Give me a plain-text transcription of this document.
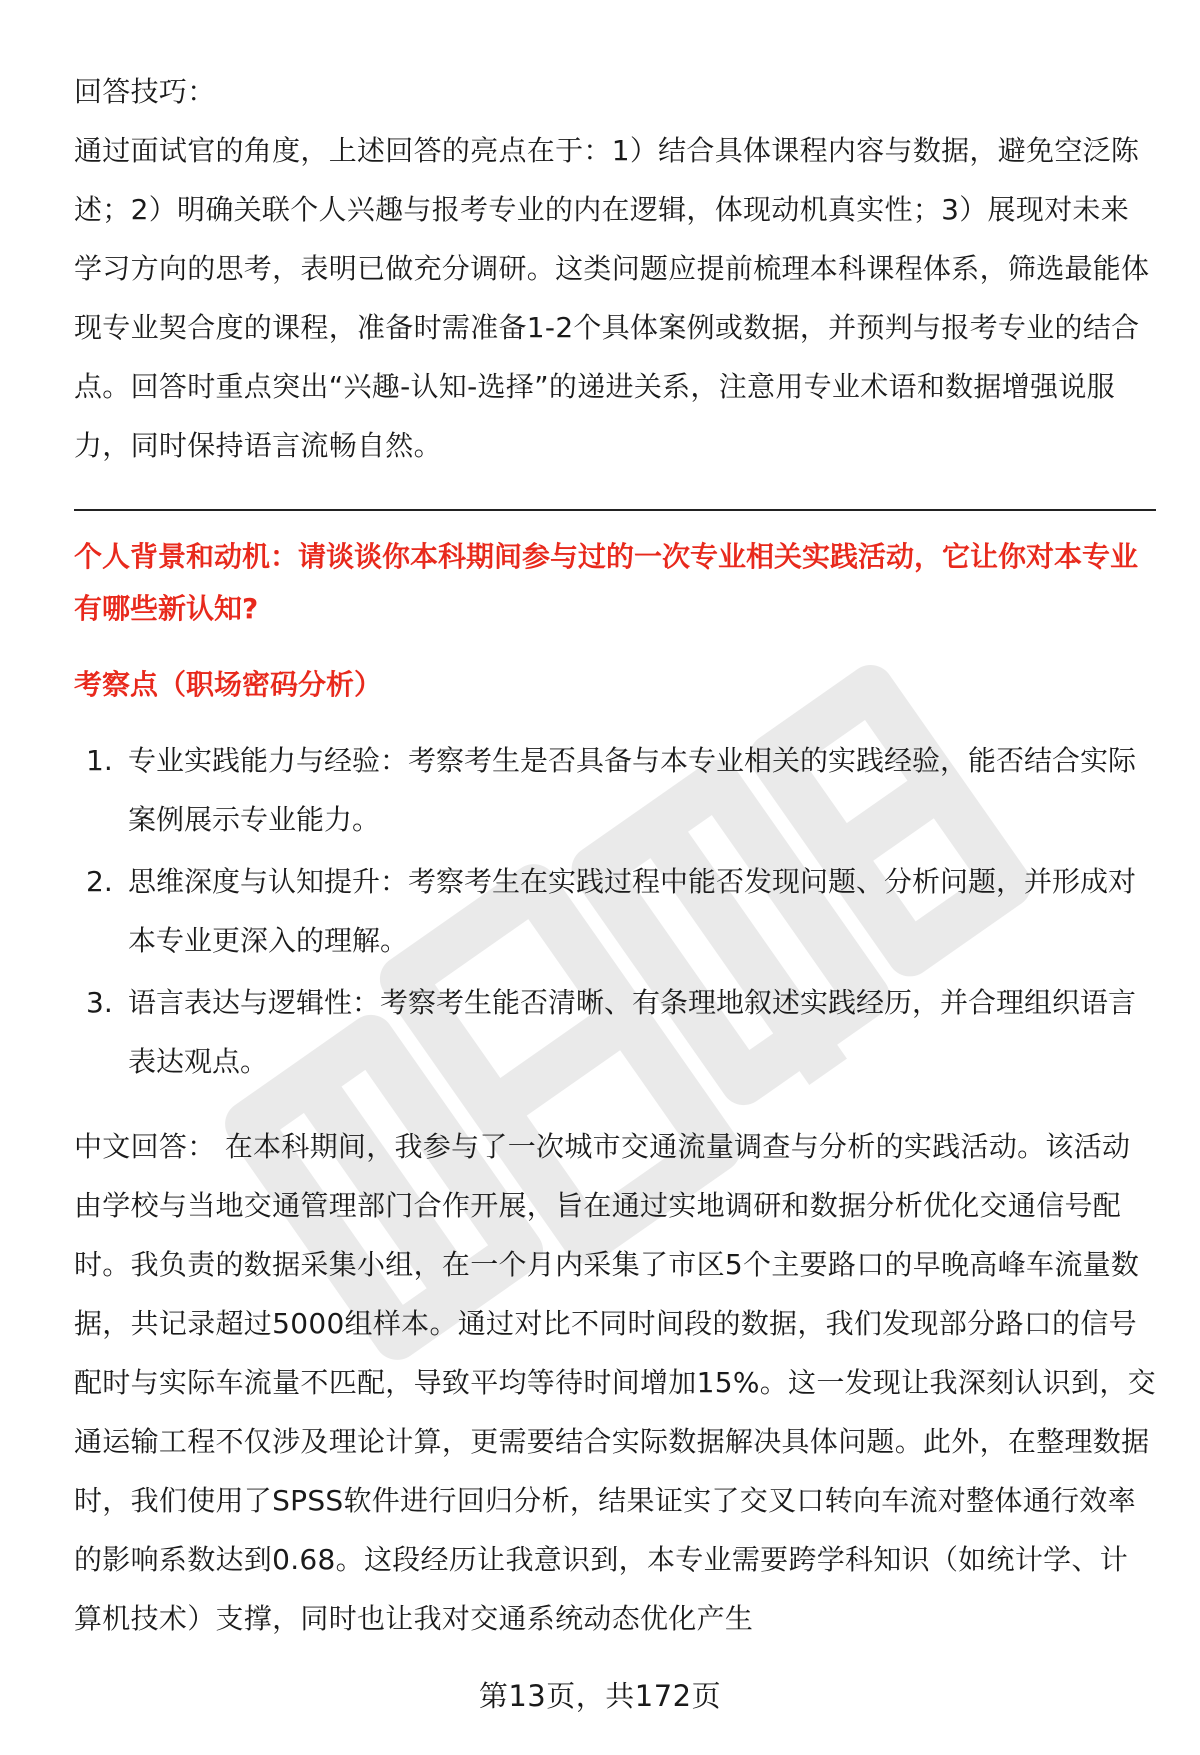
回答技巧：

通过面试官的角度，上述回答的亮点在于：1）结合具体课程内容与数据，避免空泛陈述；2）明确关联个人兴趣与报考专业的内在逻辑，体现动机真实性；3）展现对未来学习方向的思考，表明已做充分调研。这类问题应提前梳理本科课程体系，筛选最能体现专业契合度的课程，准备时需准备1-2个具体案例或数据，并预判与报考专业的结合点。回答时重点突出“兴趣-认知-选择”的递进关系，注意用专业术语和数据增强说服力，同时保持语言流畅自然。

个人背景和动机：请谈谈你本科期间参与过的一次专业相关实践活动，它让你对本专业有哪些新认知?

考察点（职场密码分析）

1. 专业实践能力与经验：考察考生是否具备与本专业相关的实践经验，能否结合实际案例展示专业能力。
2. 思维深度与认知提升：考察考生在实践过程中能否发现问题、分析问题，并形成对本专业更深入的理解。
3. 语言表达与逻辑性：考察考生能否清晰、有条理地叙述实践经历，并合理组织语言表达观点。

中文回答： 在本科期间，我参与了一次城市交通流量调查与分析的实践活动。该活动由学校与当地交通管理部门合作开展，旨在通过实地调研和数据分析优化交通信号配时。我负责的数据采集小组，在一个月内采集了市区5个主要路口的早晚高峰车流量数据，共记录超过5000组样本。通过对比不同时间段的数据，我们发现部分路口的信号配时与实际车流量不匹配，导致平均等待时间增加15%。这一发现让我深刻认识到，交通运输工程不仅涉及理论计算，更需要结合实际数据解决具体问题。此外，在整理数据时，我们使用了SPSS软件进行回归分析，结果证实了交叉口转向车流对整体通行效率的影响系数达到0.68。这段经历让我意识到，本专业需要跨学科知识（如统计学、计算机技术）支撑，同时也让我对交通系统动态优化产生

第13页，共172页
